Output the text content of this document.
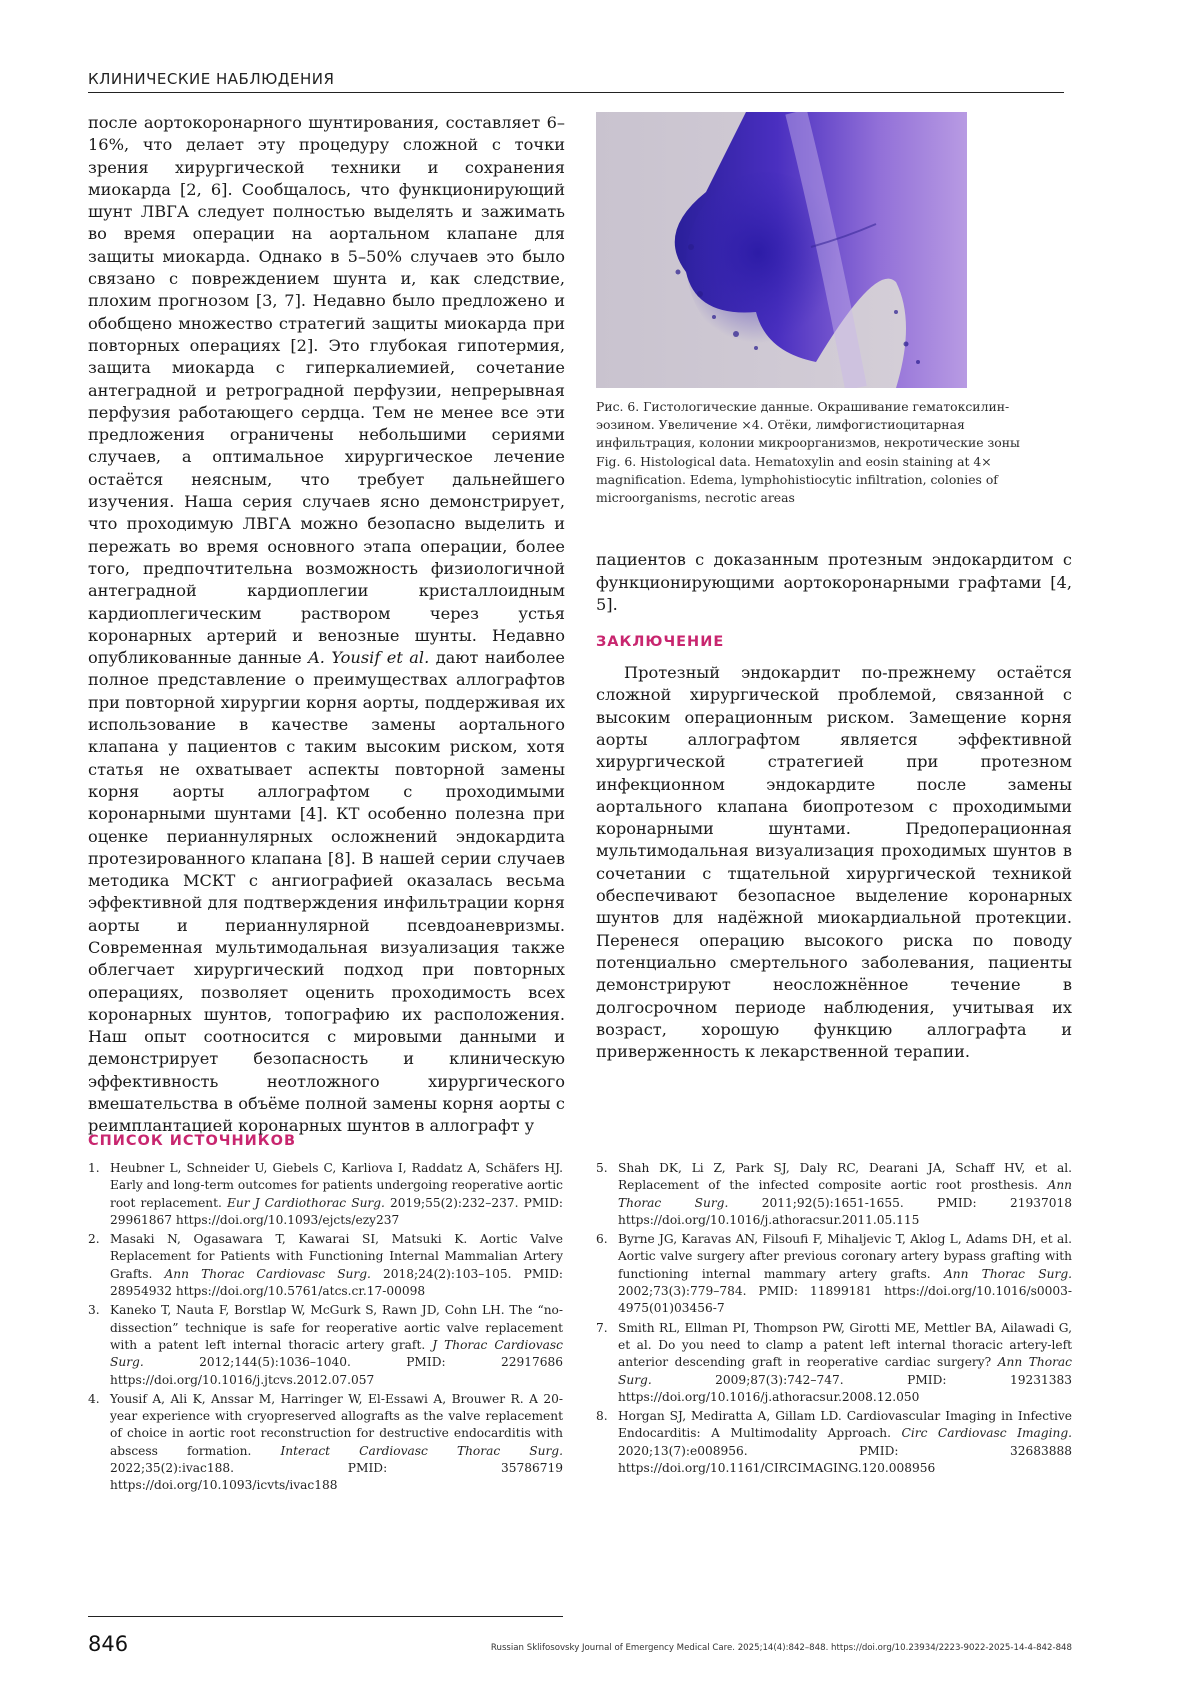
КЛИНИЧЕСКИЕ НАБЛЮДЕНИЯ

после аортокоронарного шунтирования, составляет 6–16%, что делает эту процедуру сложной с точки зрения хирургической техники и сохранения миокарда [2, 6]. Сообщалось, что функционирующий шунт ЛВГА следует полностью выделять и зажимать во время операции на аортальном клапане для защиты миокарда. Однако в 5–50% случаев это было связано с повреждением шунта и, как следствие, плохим прогнозом [3, 7]. Недавно было предложено и обобщено множество стратегий защиты миокарда при повторных операциях [2]. Это глубокая гипотермия, защита миокарда с гиперкалиемией, сочетание антеградной и ретроградной перфузии, непрерывная перфузия работающего сердца. Тем не менее все эти предложения ограничены небольшими сериями случаев, а оптимальное хирургическое лечение остаётся неясным, что требует дальнейшего изучения. Наша серия случаев ясно демонстрирует, что проходимую ЛВГА можно безопасно выделить и пережать во время основного этапа операции, более того, предпочтительна возможность физиологичной антеградной кардиоплегии кристаллоидным кардиоплегическим раствором через устья коронарных артерий и венозные шунты. Недавно опубликованные данные A. Yousif et al. дают наиболее полное представление о преимуществах аллографтов при повторной хирургии корня аорты, поддерживая их использование в качестве замены аортального клапана у пациентов с таким высоким риском, хотя статья не охватывает аспекты повторной замены корня аорты аллографтом с проходимыми коронарными шунтами [4]. КТ особенно полезна при оценке перианнулярных осложнений эндокардита протезированного клапана [8]. В нашей серии случаев методика МСКТ с ангиографией оказалась весьма эффективной для подтверждения инфильтрации корня аорты и перианнулярной псевдоаневризмы. Современная мультимодальная визуализация также облегчает хирургический подход при повторных операциях, позволяет оценить проходимость всех коронарных шунтов, топографию их расположения. Наш опыт соотносится с мировыми данными и демонстрирует безопасность и клиническую эффективность неотложного хирургического вмешательства в объёме полной замены корня аорты с реимплантацией коронарных шунтов в аллографт у

Рис. 6. Гистологические данные. Окрашивание гематоксилин-эозином. Увеличение ×4. Отёки, лимфогистиоцитарная инфильтрация, колонии микроорганизмов, некротические зоны

Fig. 6. Histological data. Hematoxylin and eosin staining at 4× magnification. Edema, lymphohistiocytic infiltration, colonies of microorganisms, necrotic areas

пациентов с доказанным протезным эндокардитом с функционирующими аортокоронарными графтами [4, 5].

ЗАКЛЮЧЕНИЕ

Протезный эндокардит по-прежнему остаётся сложной хирургической проблемой, связанной с высоким операционным риском. Замещение корня аорты аллографтом является эффективной хирургической стратегией при протезном инфекционном эндокардите после замены аортального клапана биопротезом с проходимыми коронарными шунтами. Предоперационная мультимодальная визуализация проходимых шунтов в сочетании с тщательной хирургической техникой обеспечивают безопасное выделение коронарных шунтов для надёжной миокардиальной протекции. Перенеся операцию высокого риска по поводу потенциально смертельного заболевания, пациенты демонстрируют неосложнённое течение в долгосрочном периоде наблюдения, учитывая их возраст, хорошую функцию аллографта и приверженность к лекарственной терапии.

СПИСОК ИСТОЧНИКОВ
1. Heubner L, Schneider U, Giebels C, Karliova I, Raddatz A, Schäfers HJ. Early and long-term outcomes for patients undergoing reoperative aortic root replacement. Eur J Cardiothorac Surg. 2019;55(2):232–237. PMID: 29961867 https://doi.org/10.1093/ejcts/ezy237
2. Masaki N, Ogasawara T, Kawarai SI, Matsuki K. Aortic Valve Replacement for Patients with Functioning Internal Mammalian Artery Grafts. Ann Thorac Cardiovasc Surg. 2018;24(2):103–105. PMID: 28954932 https://doi.org/10.5761/atcs.cr.17-00098
3. Kaneko T, Nauta F, Borstlap W, McGurk S, Rawn JD, Cohn LH. The “no-dissection” technique is safe for reoperative aortic valve replacement with a patent left internal thoracic artery graft. J Thorac Cardiovasc Surg.	2012;144(5):1036–1040. PMID: 22917686 https://doi.org/10.1016/j.jtcvs.2012.07.057
4. Yousif A, Ali K, Anssar M, Harringer W, El-Essawi A, Brouwer R. A 20-year experience with cryopreserved allografts as the valve replacement of choice in aortic root reconstruction for destructive endocarditis with abscess formation. Interact Cardiovasc Thorac Surg. 2022;35(2):ivac188. PMID: 35786719 https://doi.org/10.1093/icvts/ivac188
5. Shah DK, Li Z, Park SJ, Daly RC, Dearani JA, Schaff HV, et al. Replacement of the infected composite aortic root prosthesis. Ann Thorac Surg.	2011;92(5):1651-1655. PMID: 21937018 https://doi.org/10.1016/j.athoracsur.2011.05.115
6. Byrne JG, Karavas AN, Filsoufi F, Mihaljevic T, Aklog L, Adams DH, et al. Aortic valve surgery after previous coronary artery bypass grafting with functioning internal mammary artery grafts. Ann Thorac Surg. 2002;73(3):779–784. PMID: 11899181 https://doi.org/10.1016/s0003-4975(01)03456-7
7. Smith RL, Ellman PI, Thompson PW, Girotti ME, Mettler BA, Ailawadi G, et al. Do you need to clamp a patent left internal thoracic artery-left anterior descending graft in reoperative cardiac surgery? Ann Thorac Surg.	2009;87(3):742–747. PMID: 19231383 https://doi.org/10.1016/j.athoracsur.2008.12.050
8. Horgan SJ, Mediratta A, Gillam LD. Cardiovascular Imaging in Infective Endocarditis: A Multimodality Approach. Circ Cardiovasc Imaging. 2020;13(7):e008956. PMID: 32683888 https://doi.org/10.1161/CIRCIMAGING.120.008956
846	Russian Sklifosovsky Journal of Emergency Medical Care. 2025;14(4):842–848. https://doi.org/10.23934/2223-9022-2025-14-4-842-848
